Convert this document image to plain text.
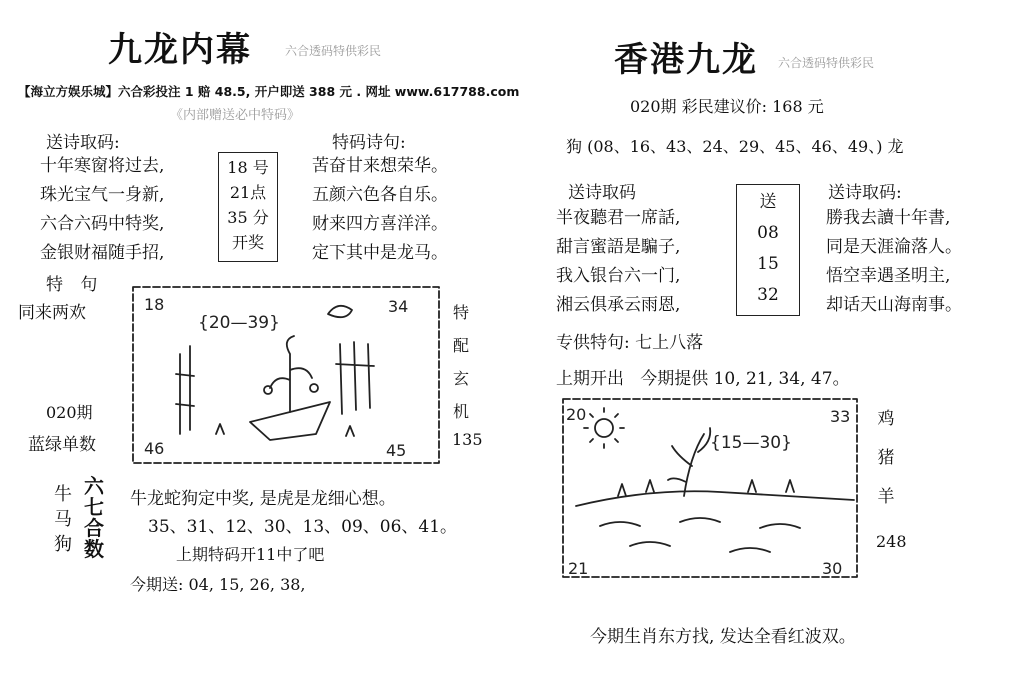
九龙内幕	六合透码特供彩民
【海立方娱乐城】六合彩投注 1 赔 48.5, 开户即送 388 元 . 网址 www.617788.com
《内部赠送必中特码》
送诗取码:
十年寒窗将过去,
珠光宝气一身新,
六合六码中特奖,
金银财福随手招,
18 号
21点
35 分
开奖
特码诗句:
苦奋甘来想荣华。
五颜六色各自乐。
财来四方喜洋洋。
定下其中是龙马。
特 句
同来两欢
020期
蓝绿单数
18	34
46	45
{20—39}
特
配
玄
机
135
牛
马
狗
六
七
合
数
牛龙蛇狗定中奖, 是虎是龙细心想。
35、31、12、30、13、09、06、41。
上期特码开11中了吧
今期送: 04, 15, 26, 38,
香港九龙 六合透码特供彩民
020期 彩民建议价: 168 元
狗 (08、16、43、24、29、45、46、49、) 龙
送诗取码
半夜聽君一席話,
甜言蜜語是騙子,
我入银台六一门,
湘云俱承云雨恩,
送
08
15
32
送诗取码:
勝我去讀十年書,
同是天涯淪落人。
悟空幸遇圣明主,
却话天山海南事。
专供特句: 七上八落
上期开出   今期提供 10, 21, 34, 47。
20	33
21	30
{15—30}
鸡
猪
羊
248
今期生肖东方找, 发达全看红波双。
